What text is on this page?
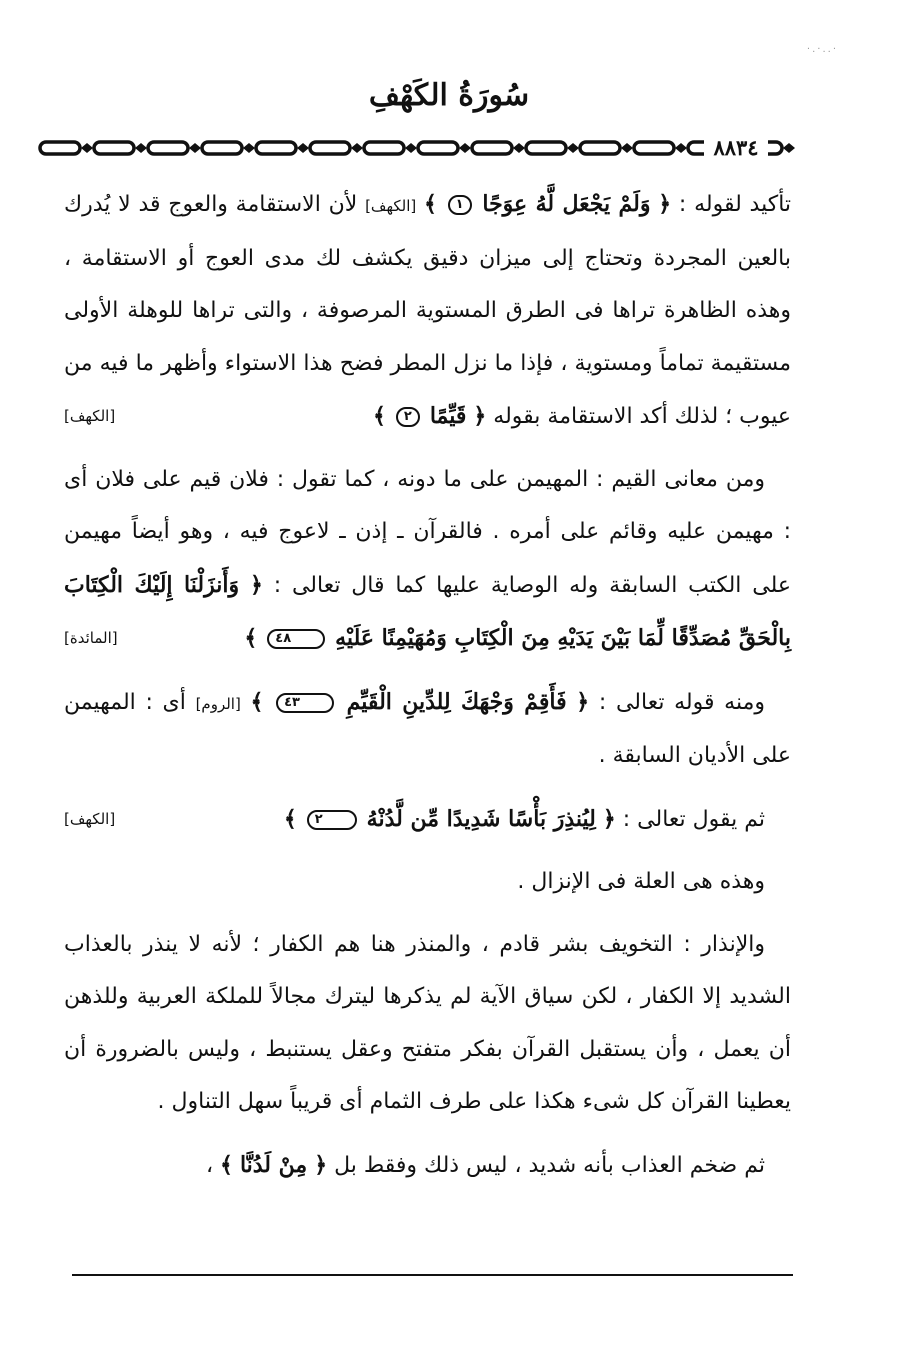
·.·..·
سُورَةُ الكَهْفِ
٨٨٣٤

تأكيد لقوله : ﴿ وَلَمْ يَجْعَل لَّهُ عِوَجًا ١ ﴾ [الكهف] لأن الاستقامة والعوج قد لا يُدرك بالعين المجردة وتحتاج إلى ميزان دقيق يكشف لك مدى العوج أو الاستقامة ، وهذه الظاهرة تراها فى الطرق المستوية المرصوفة ، والتى تراها للوهلة الأولى مستقيمة تماماً ومستوية ، فإذا ما نزل المطر فضح هذا الاستواء وأظهر ما فيه من عيوب ؛ لذلك أكد الاستقامة بقوله ﴿ قَيِّمًا ٢ ﴾
[الكهف]

ومن معانى القيم : المهيمن على ما دونه ، كما تقول : فلان قيم على فلان أى : مهيمن عليه وقائم على أمره . فالقرآن ـ إذن ـ لاعوج فيه ، وهو أيضاً مهيمن على الكتب السابقة وله الوصاية عليها كما قال تعالى : ﴿ وَأَنزَلْنَا إِلَيْكَ الْكِتَابَ بِالْحَقِّ مُصَدِّقًا لِّمَا بَيْنَ يَدَيْهِ مِنَ الْكِتَابِ وَمُهَيْمِنًا عَلَيْهِ ٤٨ ﴾
[المائدة]

ومنه قوله تعالى : ﴿ فَأَقِمْ وَجْهَكَ لِلدِّينِ الْقَيِّمِ ٤٣ ﴾ [الروم] أى : المهيمن على الأديان السابقة .

ثم يقول تعالى : ﴿ لِيُنذِرَ بَأْسًا شَدِيدًا مِّن لَّدُنْهُ ٢ ﴾
[الكهف]

وهذه هى العلة فى الإنزال .

والإنذار : التخويف بشر قادم ، والمنذر هنا هم الكفار ؛ لأنه لا ينذر بالعذاب الشديد إلا الكفار ، لكن سياق الآية لم يذكرها ليترك مجالاً للملكة العربية وللذهن أن يعمل ، وأن يستقبل القرآن بفكر متفتح وعقل يستنبط ، وليس بالضرورة أن يعطينا القرآن كل شىء هكذا على طرف الثمام أى قريباً سهل التناول .

ثم ضخم العذاب بأنه شديد ، ليس ذلك وفقط بل ﴿ مِنْ لَدُنَّا ﴾ ،
